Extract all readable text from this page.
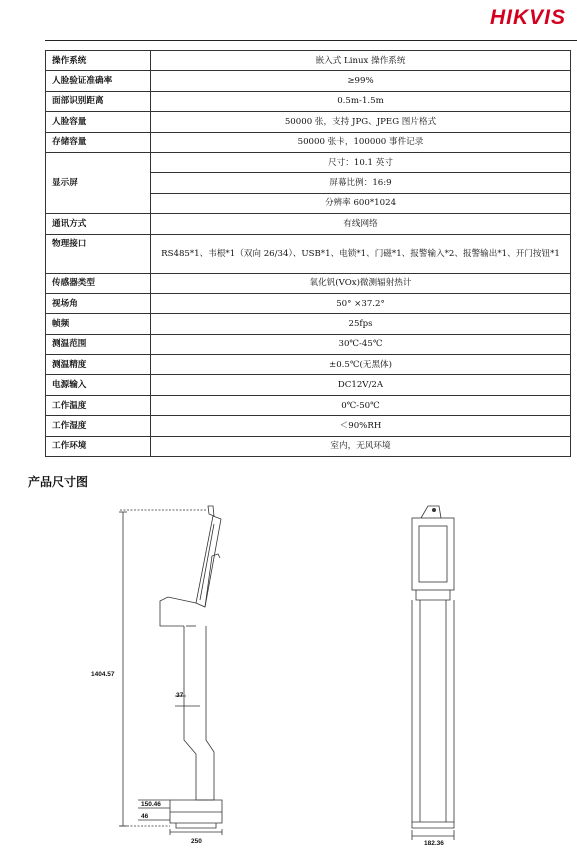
HIKVIS
操作系统	嵌入式 Linux 操作系统
人脸验证准确率	≥99%
面部识别距离	0.5m-1.5m
人脸容量	50000 张，支持 JPG、JPEG 图片格式
存储容量	50000 张卡，100000 事件记录
显示屏	尺寸：10.1 英寸
	屏幕比例：16:9
	分辨率 600*1024
通讯方式	有线网络
物理接口	RS485*1、韦根*1（双向 26/34）、USB*1、电锁*1、门磁*1、报警输入*2、报警输出*1、开门按钮*1
传感器类型	氧化钒(VOx)微测辐射热计
视场角	50° ×37.2°
帧频	25fps
测温范围	30℃-45℃
测温精度	±0.5℃(无黑体)
电源输入	DC12V/2A
工作温度	0℃-50℃
工作湿度	＜90%RH
工作环境	室内，无风环境
产品尺寸图
1404.57
37
150.46
46
250	182.36
